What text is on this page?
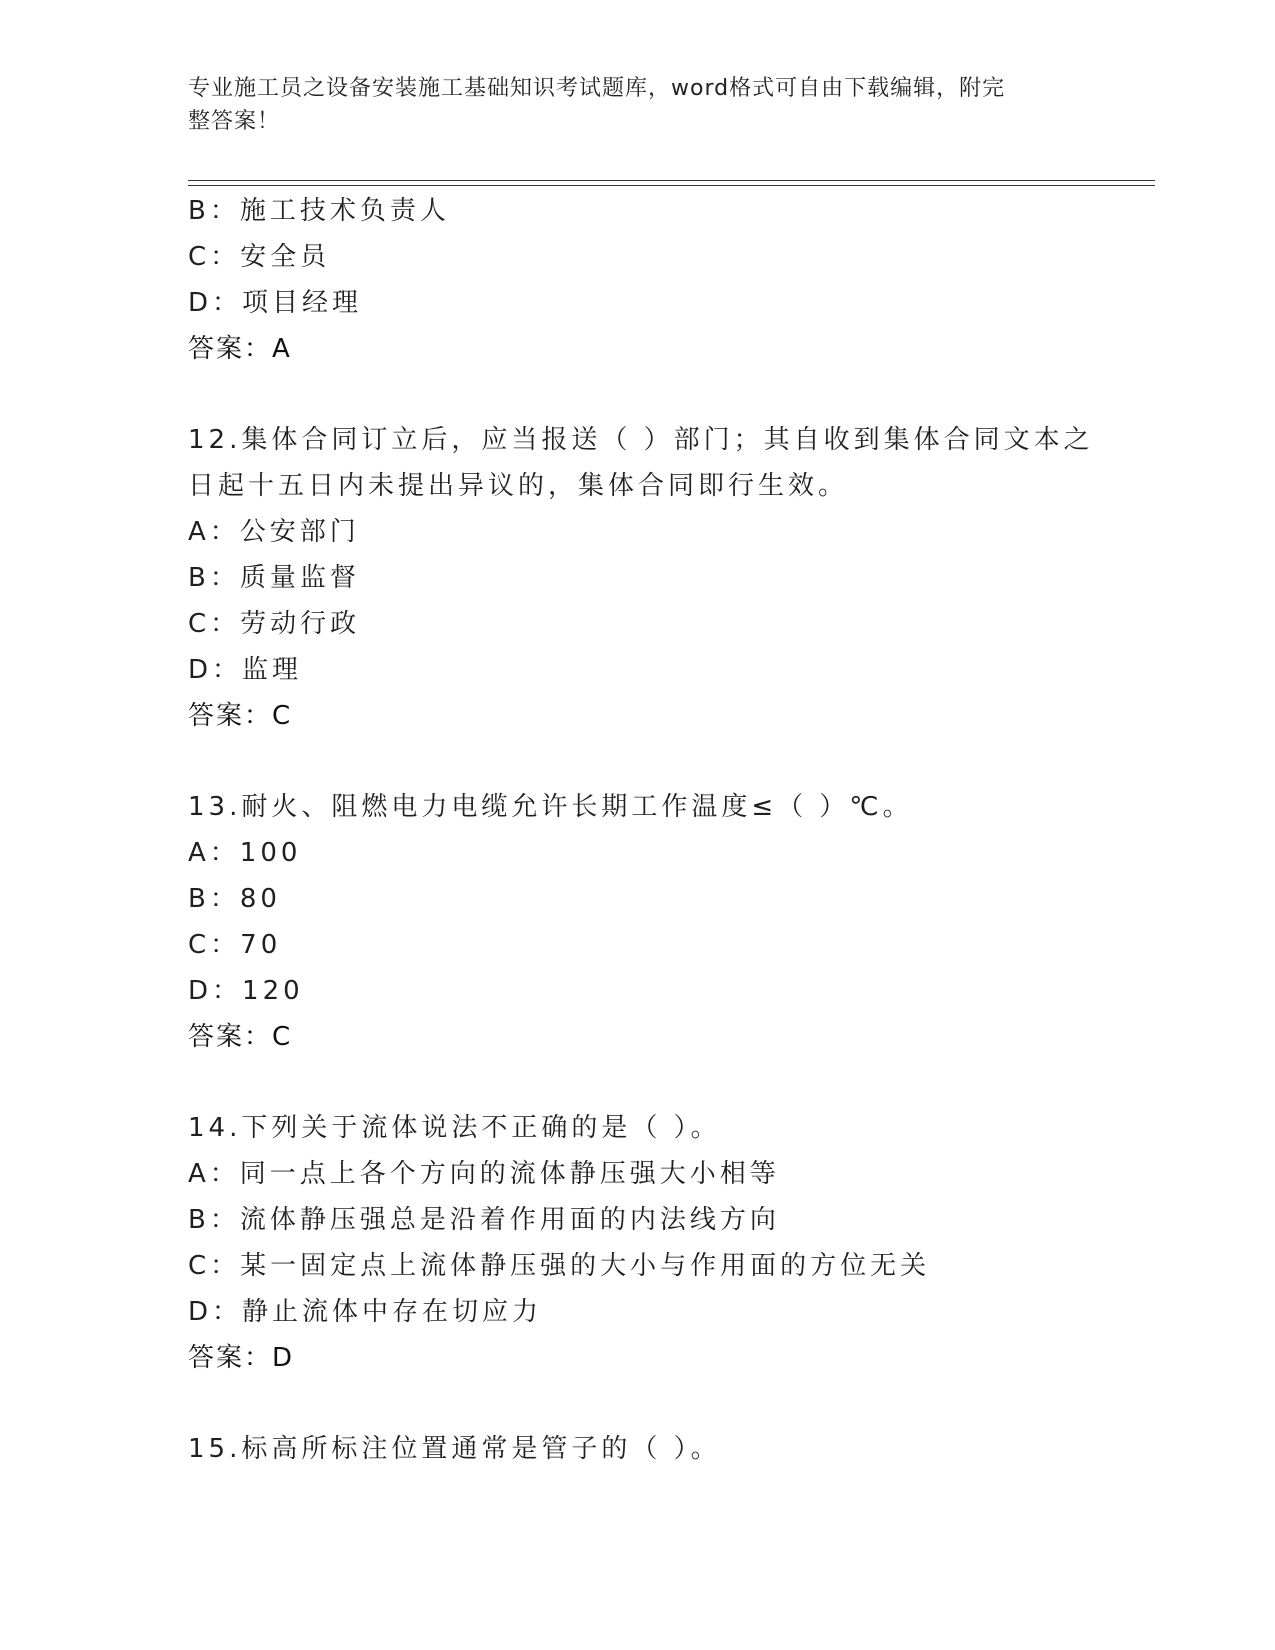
专业施工员之设备安装施工基础知识考试题库，word格式可自由下载编辑，附完
整答案！
B：施工技术负责人
C：安全员
D：项目经理
答案：A
12.集体合同订立后，应当报送（ ）部门；其自收到集体合同文本之
日起十五日内未提出异议的，集体合同即行生效。
A：公安部门
B：质量监督
C：劳动行政
D：监理
答案：C
13.耐火、阻燃电力电缆允许长期工作温度≤（ ）℃。
A：100
B：80
C：70
D：120
答案：C
14.下列关于流体说法不正确的是（ ）。
A：同一点上各个方向的流体静压强大小相等
B：流体静压强总是沿着作用面的内法线方向
C：某一固定点上流体静压强的大小与作用面的方位无关
D：静止流体中存在切应力
答案：D
15.标高所标注位置通常是管子的（ ）。
